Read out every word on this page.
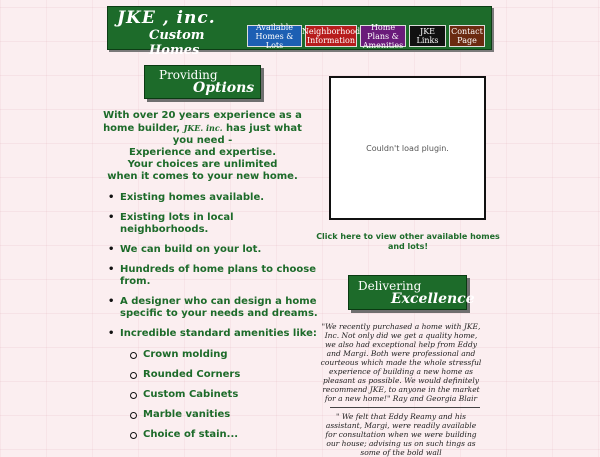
JKE , inc.
Custom Homes
Available Homes & Lots
Neighborhood Information
Home Plans & Amenities
JKE Links
Contact Page
Providing
Options
With over 20 years experience as a home builder, JKE. inc. has just what you need -
Experience and expertise.
Your choices are unlimited
when it comes to your new home.
• Existing homes available.
• Existing lots in local neighborhoods.
• We can build on your lot.
• Hundreds of home plans to choose from.
• A designer who can design a home specific to your needs and dreams.
• Incredible standard amenities like:
Crown molding
Rounded Corners
Custom Cabinets
Marble vanities
Choice of stain...
Couldn't load plugin.
Click here to view other available homes and lots!
Delivering
Excellence
"We recently purchased a home with JKE, Inc. Not only did we get a quality home, we also had exceptional help from Eddy and Margi. Both were professional and courteous which made the whole stressful experience of building a new home as pleasant as possible. We would definitely recommend JKE, to anyone in the market for a new home!" Ray and Georgia Blair
" We felt that Eddy Reamy and his assistant, Margi, were readily available for consultation when we were building our house; advising us on such tings as some of the bold wall
